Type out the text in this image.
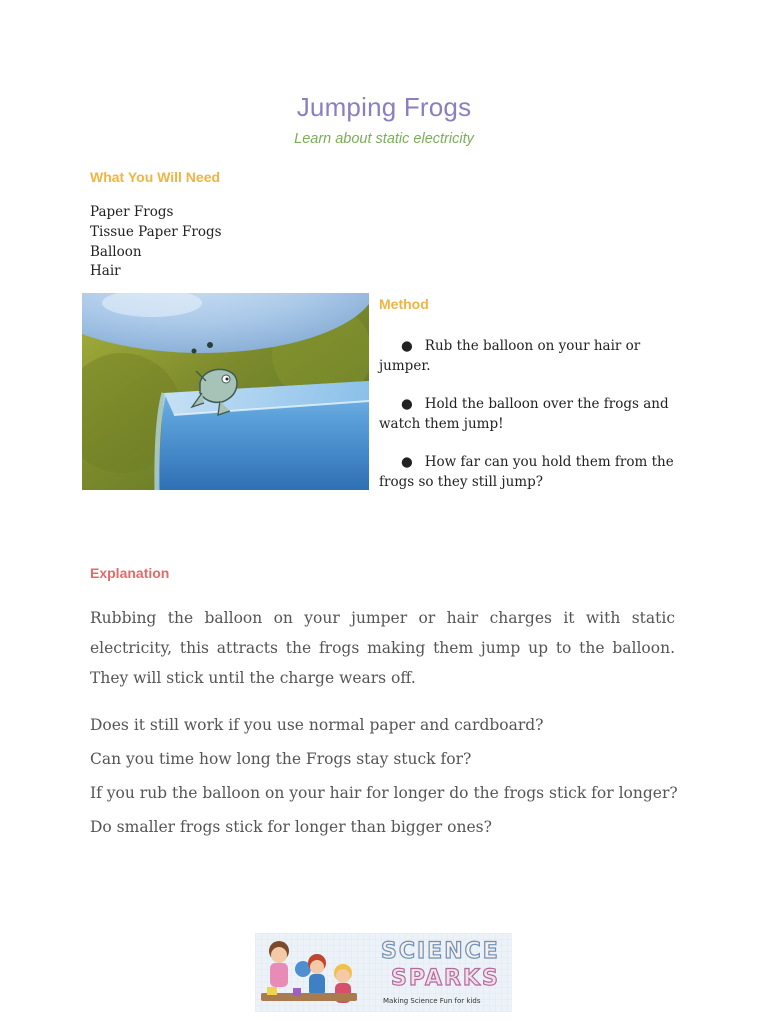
Jumping Frogs
Learn about static electricity
What You Will Need
Paper Frogs
Tissue Paper Frogs
Balloon
Hair
Method
● Rub the balloon on your hair or jumper.
● Hold the balloon over the frogs and watch them jump!
● How far can you hold them from the frogs so they still jump?
Explanation
Rubbing the balloon on your jumper or hair charges it with static electricity, this attracts the frogs making them jump up to the balloon. They will stick until the charge wears off.
Does it still work if you use normal paper and cardboard?
Can you time how long the Frogs stay stuck for?
If you rub the balloon on your hair for longer do the frogs stick for longer?
Do smaller frogs stick for longer than bigger ones?
SCIENCE
SPARKS
Making Science Fun for kids
